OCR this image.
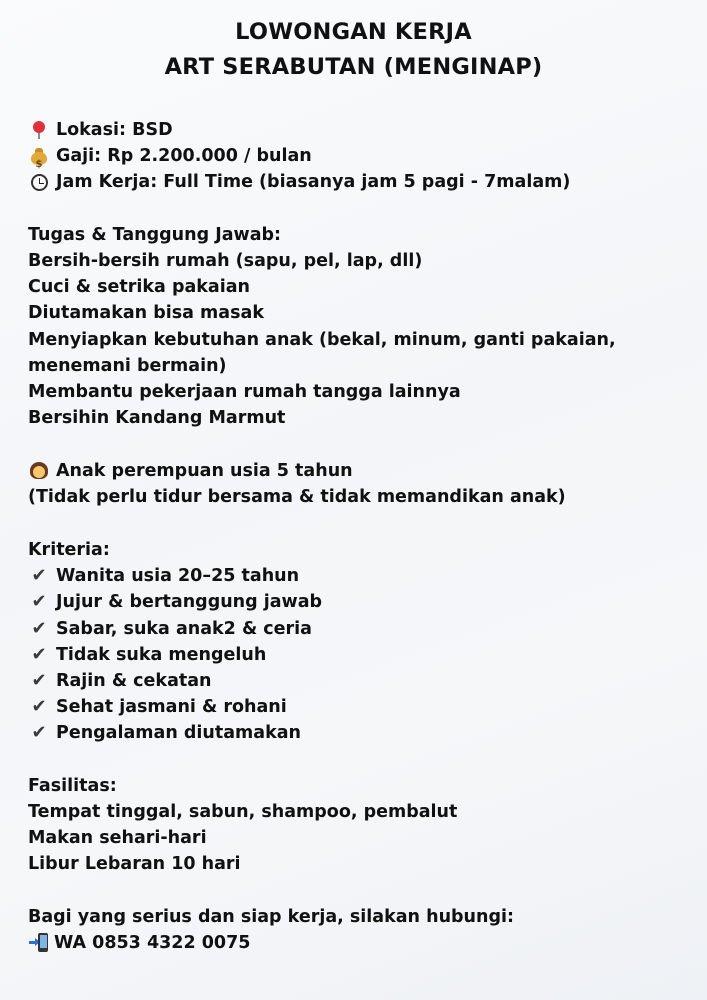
LOWONGAN KERJA
ART SERABUTAN (MENGINAP)
Lokasi: BSD
$ Gaji: Rp 2.200.000 / bulan
Jam Kerja: Full Time (biasanya jam 5 pagi - 7malam)
Tugas & Tanggung Jawab:
Bersih-bersih rumah (sapu, pel, lap, dll)
Cuci & setrika pakaian
Diutamakan bisa masak
Menyiapkan kebutuhan anak (bekal, minum, ganti pakaian,
menemani bermain)
Membantu pekerjaan rumah tangga lainnya
Bersihin Kandang Marmut
Anak perempuan usia 5 tahun
(Tidak perlu tidur bersama & tidak memandikan anak)
Kriteria:
✔ Wanita usia 20–25 tahun
✔ Jujur & bertanggung jawab
✔ Sabar, suka anak2 & ceria
✔ Tidak suka mengeluh
✔ Rajin & cekatan
✔ Sehat jasmani & rohani
✔ Pengalaman diutamakan
Fasilitas:
Tempat tinggal, sabun, shampoo, pembalut
Makan sehari-hari
Libur Lebaran 10 hari
Bagi yang serius dan siap kerja, silakan hubungi:
WA 0853 4322 0075
